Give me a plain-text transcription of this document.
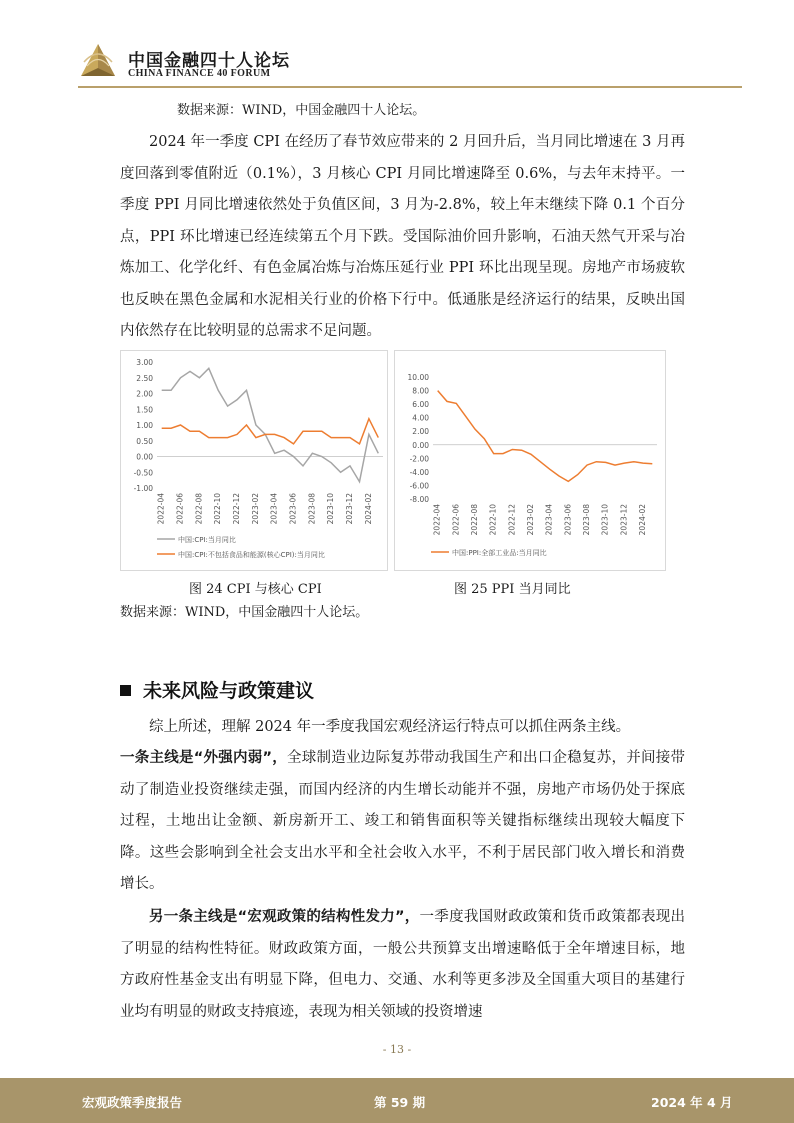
中国金融四十人论坛
CHINA FINANCE 40 FORUM
数据来源：WIND，中国金融四十人论坛。
2024 年一季度 CPI 在经历了春节效应带来的 2 月回升后，当月同比增速在 3 月再度回落到零值附近（0.1%），3 月核心 CPI 月同比增速降至 0.6%，与去年末持平。一季度 PPI 月同比增速依然处于负值区间，3 月为-2.8%，较上年末继续下降 0.1 个百分点，PPI 环比增速已经连续第五个月下跌。受国际油价回升影响，石油天然气开采与冶炼加工、化学化纤、有色金属冶炼与冶炼压延行业 PPI 环比出现呈现。房地产市场疲软也反映在黑色金属和水泥相关行业的价格下行中。低通胀是经济运行的结果，反映出国内依然存在比较明显的总需求不足问题。
3.00
2.50
2.00
1.50
1.00
0.50
0.00
-0.50
-1.00
2022-04 2022-06 2022-08 2022-10 2022-12 2023-02 2023-04 2023-06 2023-08 2023-10 2023-12 2024-02
中国:CPI:当月同比
中国:CPI:不包括食品和能源(核心CPI):当月同比
10.00
8.00
6.00
4.00
2.00
0.00
-2.00
-4.00
-6.00
-8.00
2022-04 2022-06 2022-08 2022-10 2022-12 2023-02 2023-04 2023-06 2023-08 2023-10 2023-12 2024-02
中国:PPI:全部工业品:当月同比
图 24 CPI 与核心 CPI	图 25 PPI 当月同比
数据来源：WIND，中国金融四十人论坛。
未来风险与政策建议
综上所述，理解 2024 年一季度我国宏观经济运行特点可以抓住两条主线。
一条主线是“外强内弱”，全球制造业边际复苏带动我国生产和出口企稳复苏，并间接带动了制造业投资继续走强，而国内经济的内生增长动能并不强，房地产市场仍处于探底过程，土地出让金额、新房新开工、竣工和销售面积等关键指标继续出现较大幅度下降。这些会影响到全社会支出水平和全社会收入水平，不利于居民部门收入增长和消费增长。
另一条主线是“宏观政策的结构性发力”，一季度我国财政政策和货币政策都表现出了明显的结构性特征。财政政策方面，一般公共预算支出增速略低于全年增速目标，地方政府性基金支出有明显下降，但电力、交通、水利等更多涉及全国重大项目的基建行业均有明显的财政支持痕迹，表现为相关领域的投资增速
- 13 -
宏观政策季度报告	第 59 期	2024 年 4 月
